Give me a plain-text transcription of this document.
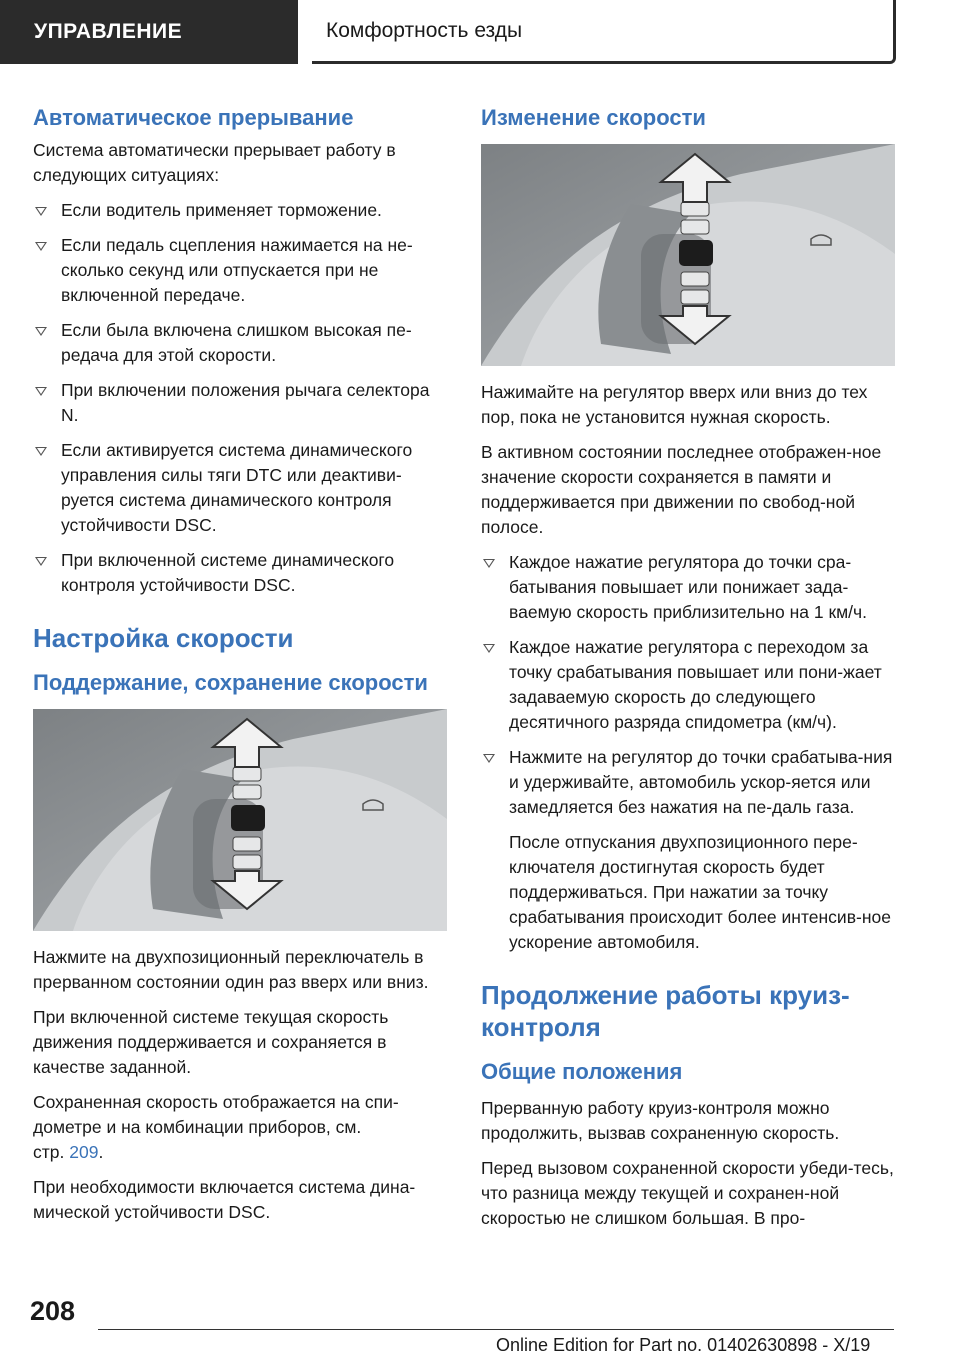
УПРАВЛЕНИЕ	Комфортность езды
Автоматическое прерывание

Система автоматически прерывает работу в следующих ситуациях:

Если водитель применяет торможение.
Если педаль сцепления нажимается на не-сколько секунд или отпускается при не включенной передаче.
Если была включена слишком высокая пе-редача для этой скорости.
При включении положения рычага селектора N.
Если активируется система динамического управления силы тяги DTC или деактиви-руется система динамического контроля устойчивости DSC.
При включенной системе динамического контроля устойчивости DSC.
Настройка скорости
Поддержание, сохранение скорости

Нажмите на двухпозиционный переключатель в прерванном состоянии один раз вверх или вниз.

При включенной системе текущая скорость движения поддерживается и сохраняется в качестве заданной.

Сохраненная скорость отображается на спи-дометре и на комбинации приборов, см.
стр. 209.

При необходимости включается система дина-мической устойчивости DSC.

Изменение скорости

Нажимайте на регулятор вверх или вниз до тех пор, пока не установится нужная скорость.

В активном состоянии последнее отображен-ное значение скорости сохраняется в памяти и поддерживается при движении по свобод-ной полосе.

Каждое нажатие регулятора до точки сра-батывания повышает или понижает зада-ваемую скорость приблизительно на 1 км/ч.
Каждое нажатие регулятора с переходом за точку срабатывания повышает или пони-жает задаваемую скорость до следующего десятичного разряда спидометра (км/ч).
Нажмите на регулятор до точки срабатыва-ния и удерживайте, автомобиль ускор-яется или замедляется без нажатия на пе-даль газа.

После отпускания двухпозиционного пере-ключателя достигнутая скорость будет поддерживаться. При нажатии за точку срабатывания происходит более интенсив-ное ускорение автомобиля.

Продолжение работы круиз-контроля
Общие положения

Прерванную работу круиз-контроля можно продолжить, вызвав сохраненную скорость.

Перед вызовом сохраненной скорости убеди-тесь, что разница между текущей и сохранен-ной скоростью не слишком большая. В про-

208
Online Edition for Part no. 01402630898 - X/19
